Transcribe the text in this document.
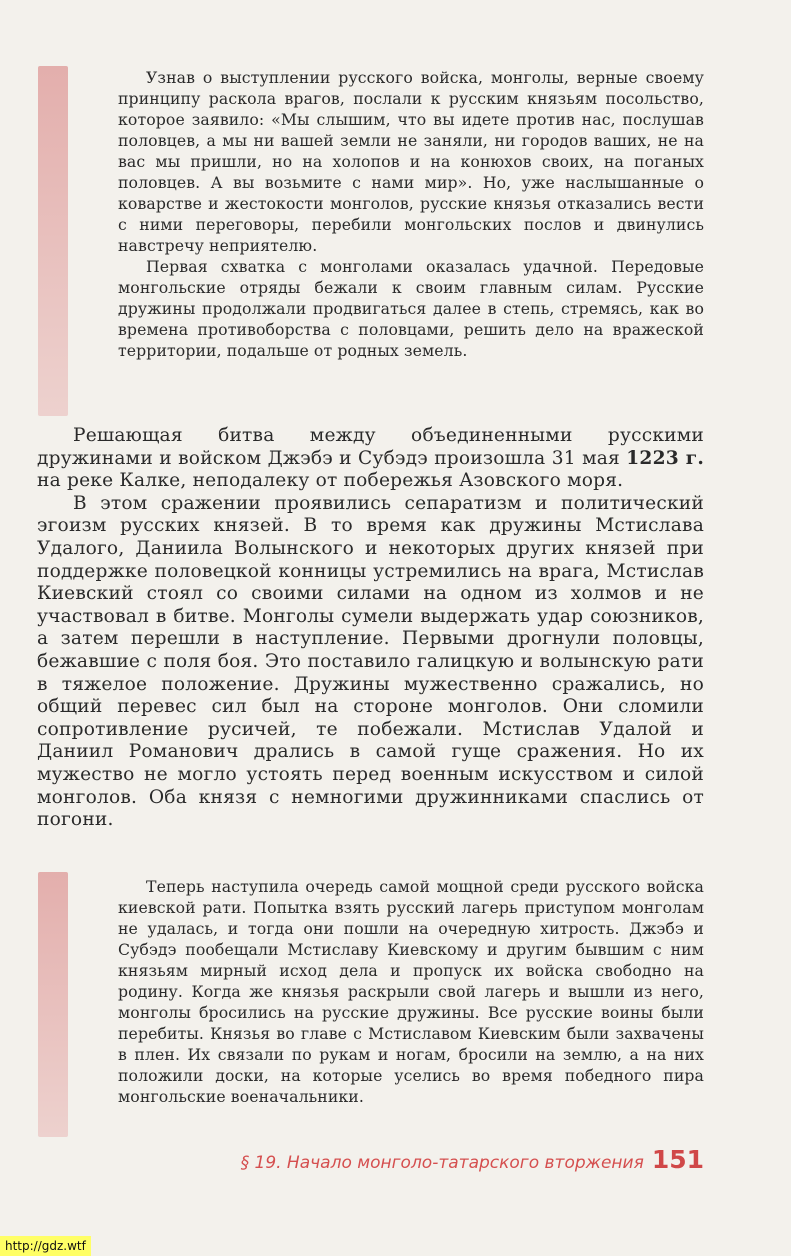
Узнав о выступлении русского войска, монголы, верные своему принципу раскола врагов, послали к русским князьям посольство, которое заявило: «Мы слышим, что вы идете против нас, послушав половцев, а мы ни вашей земли не заняли, ни городов ваших, не на вас мы пришли, но на холопов и на конюхов своих, на поганых половцев. А вы возьмите с нами мир». Но, уже наслышанные о коварстве и жестокости монголов, русские князья отказались вести с ними переговоры, перебили монгольских послов и двинулись навстречу неприятелю.

Первая схватка с монголами оказалась удачной. Передовые монгольские отряды бежали к своим главным силам. Русские дружины продолжали продвигаться далее в степь, стремясь, как во времена противоборства с половцами, решить дело на вражеской территории, подальше от родных земель.

Решающая битва между объединенными русскими дружинами и войском Джэбэ и Субэдэ произошла 31 мая 1223 г. на реке Калке, неподалеку от побережья Азовского моря.

В этом сражении проявились сепаратизм и политический эгоизм русских князей. В то время как дружины Мстислава Удалого, Даниила Волынского и некоторых других князей при поддержке половецкой конницы устремились на врага, Мстислав Киевский стоял со своими силами на одном из холмов и не участвовал в битве. Монголы сумели выдержать удар союзников, а затем перешли в наступление. Первыми дрогнули половцы, бежавшие с поля боя. Это поставило галицкую и волынскую рати в тяжелое положение. Дружины мужественно сражались, но общий перевес сил был на стороне монголов. Они сломили сопротивление русичей, те побежали. Мстислав Удалой и Даниил Романович дрались в самой гуще сражения. Но их мужество не могло устоять перед военным искусством и силой монголов. Оба князя с немногими дружинниками спаслись от погони.

Теперь наступила очередь самой мощной среди русского войска киевской рати. Попытка взять русский лагерь приступом монголам не удалась, и тогда они пошли на очередную хитрость. Джэбэ и Субэдэ пообещали Мстиславу Киевскому и другим бывшим с ним князьям мирный исход дела и пропуск их войска свободно на родину. Когда же князья раскрыли свой лагерь и вышли из него, монголы бросились на русские дружины. Все русские воины были перебиты. Князья во главе с Мстиславом Киевским были захвачены в плен. Их связали по рукам и ногам, бросили на землю, а на них положили доски, на которые уселись во время победного пира монгольские военачальники.

§ 19. Начало монголо-татарского вторжения 151
http://gdz.wtf
